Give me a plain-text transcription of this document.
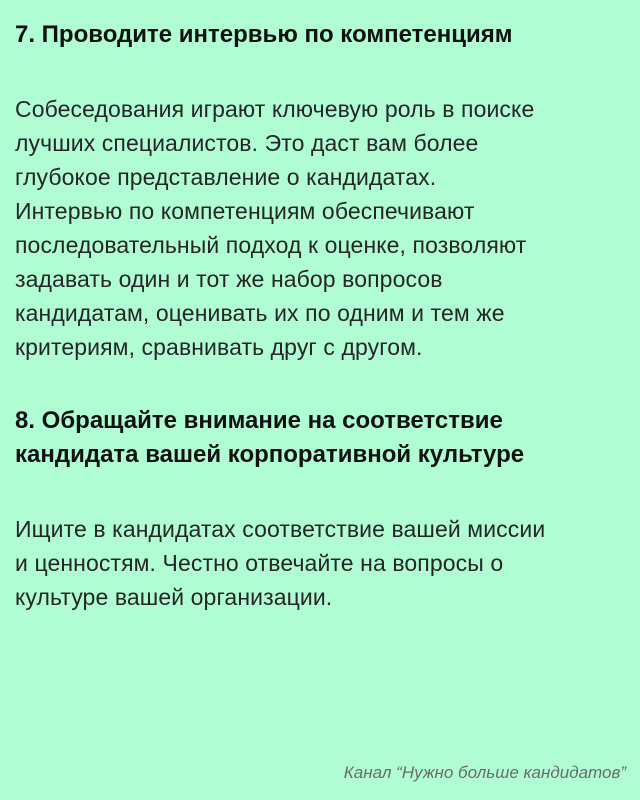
7. Проводите интервью по компетенциям

Собеседования играют ключевую роль в поиске
лучших специалистов. Это даст вам более
глубокое представление о кандидатах.
Интервью по компетенциям обеспечивают
последовательный подход к оценке, позволяют
задавать один и тот же набор вопросов
кандидатам, оценивать их по одним и тем же
критериям, сравнивать друг с другом.

8. Обращайте внимание на соответствие
кандидата вашей корпоративной культуре

Ищите в кандидатах соответствие вашей миссии
и ценностям. Честно отвечайте на вопросы о
культуре вашей организации.

Канал “Нужно больше кандидатов”
